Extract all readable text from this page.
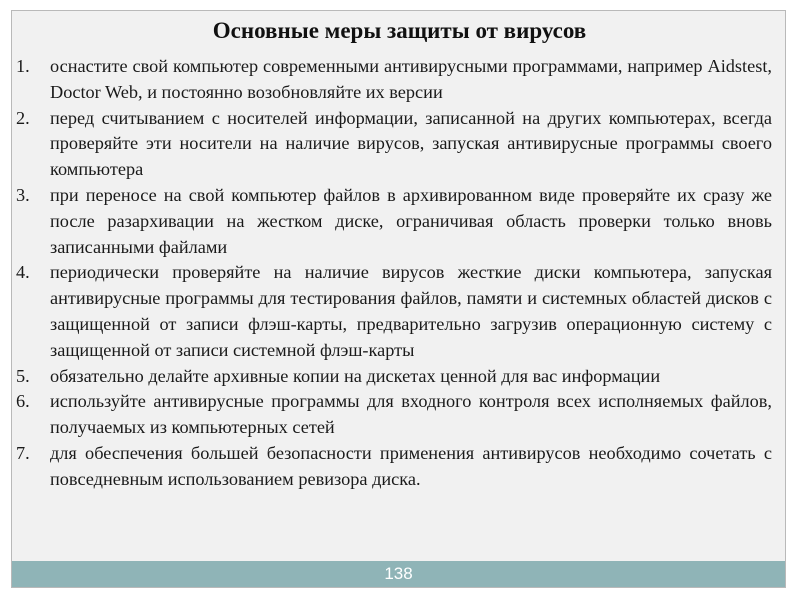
Основные меры защиты от вирусов
1. оснастите свой компьютер современными антивирусными программами, например Aidstest, Doctor Web, и постоянно возобновляйте их версии
2. перед считыванием с носителей информации, записанной на других компьютерах, всегда проверяйте эти носители на наличие вирусов, запуская антивирусные программы своего компьютера
3. при переносе на свой компьютер файлов в архивированном виде проверяйте их сразу же после разархивации на жестком диске, ограничивая область проверки только вновь записанными файлами
4. периодически проверяйте на наличие вирусов жесткие диски компьютера, запуская антивирусные программы для тестирования файлов, памяти и системных областей дисков с защищенной от записи флэш-карты, предварительно загрузив операционную систему с защищенной от записи системной флэш-карты
5. обязательно делайте архивные копии на дискетах ценной для вас информации
6. используйте антивирусные программы для входного контроля всех исполняемых файлов, получаемых из компьютерных сетей
7. для обеспечения большей безопасности применения антивирусов необходимо сочетать с повседневным использованием ревизора диска.
138
